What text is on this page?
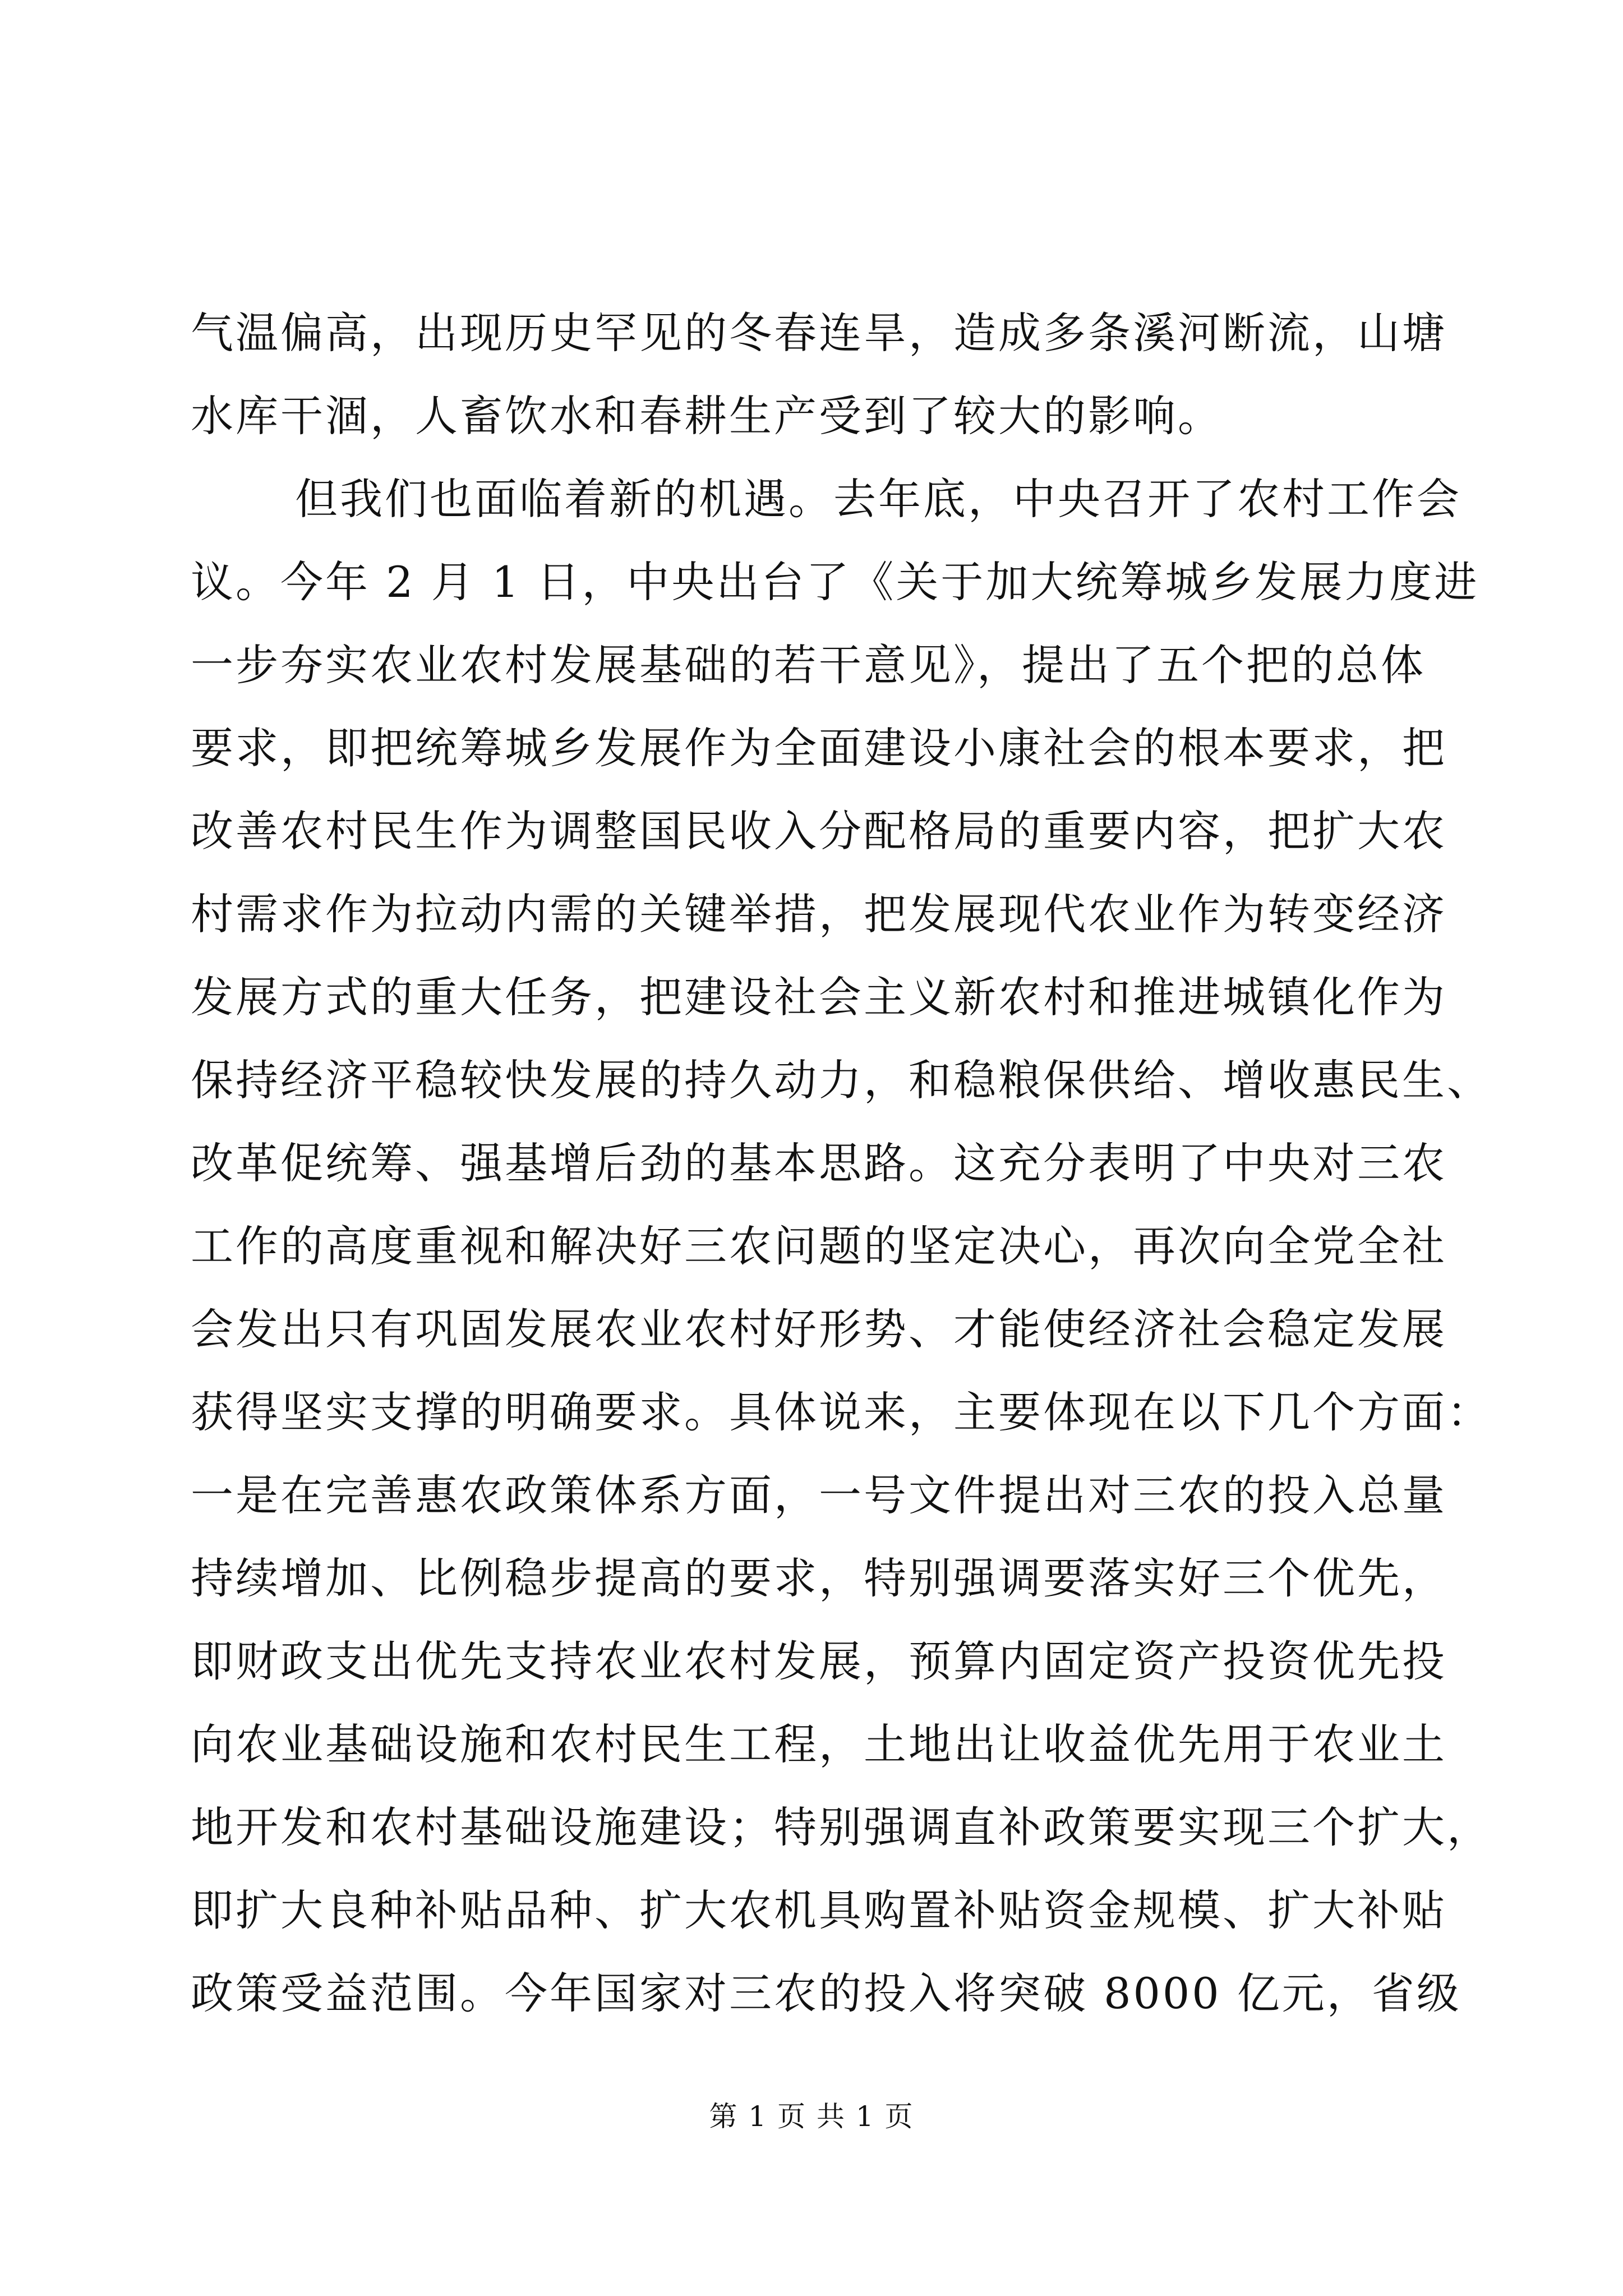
气温偏高，出现历史罕见的冬春连旱，造成多条溪河断流，山塘
水库干涸，人畜饮水和春耕生产受到了较大的影响。
但我们也面临着新的机遇。去年底，中央召开了农村工作会
议。今年 2 月 1 日，中央出台了《关于加大统筹城乡发展力度进
一步夯实农业农村发展基础的若干意见》，提出了五个把的总体
要求，即把统筹城乡发展作为全面建设小康社会的根本要求，把
改善农村民生作为调整国民收入分配格局的重要内容，把扩大农
村需求作为拉动内需的关键举措，把发展现代农业作为转变经济
发展方式的重大任务，把建设社会主义新农村和推进城镇化作为
保持经济平稳较快发展的持久动力，和稳粮保供给、增收惠民生、
改革促统筹、强基增后劲的基本思路。这充分表明了中央对三农
工作的高度重视和解决好三农问题的坚定决心，再次向全党全社
会发出只有巩固发展农业农村好形势、才能使经济社会稳定发展
获得坚实支撑的明确要求。具体说来，主要体现在以下几个方面：
一是在完善惠农政策体系方面，一号文件提出对三农的投入总量
持续增加、比例稳步提高的要求，特别强调要落实好三个优先，
即财政支出优先支持农业农村发展，预算内固定资产投资优先投
向农业基础设施和农村民生工程，土地出让收益优先用于农业土
地开发和农村基础设施建设；特别强调直补政策要实现三个扩大，
即扩大良种补贴品种、扩大农机具购置补贴资金规模、扩大补贴
政策受益范围。今年国家对三农的投入将突破 8000 亿元，省级
第 1 页 共 1 页
